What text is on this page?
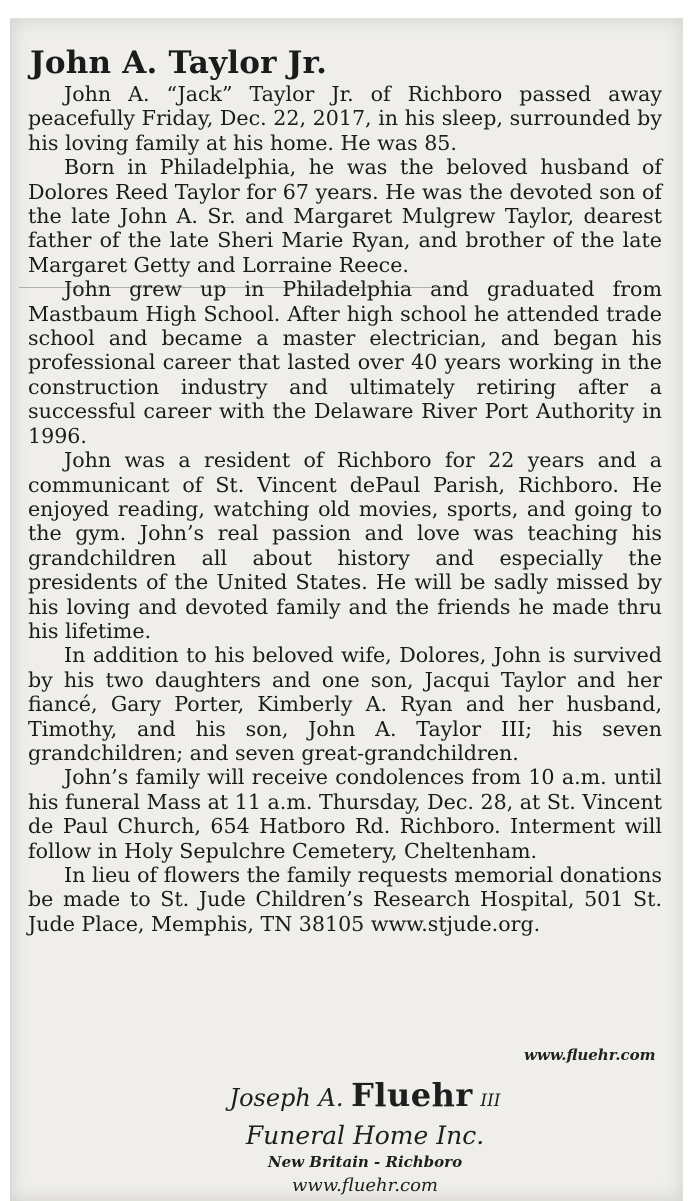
John A. Taylor Jr.

John A. “Jack” Taylor Jr. of Richboro passed away peacefully Friday, Dec. 22, 2017, in his sleep, surrounded by his loving family at his home. He was 85.

Born in Philadelphia, he was the beloved husband of Dolores Reed Taylor for 67 years. He was the devoted son of the late John A. Sr. and Margaret Mulgrew Taylor, dearest father of the late Sheri Marie Ryan, and brother of the late Margaret Getty and Lorraine Reece.

John grew up in Philadelphia and graduated from Mastbaum High School. After high school he attended trade school and became a master electrician, and began his professional career that lasted over 40 years working in the construction industry and ultimately retiring after a successful career with the Delaware River Port Authority in 1996.

John was a resident of Richboro for 22 years and a communicant of St. Vincent dePaul Parish, Richboro. He enjoyed reading, watching old movies, sports, and going to the gym. John’s real passion and love was teaching his grandchildren all about history and especially the presidents of the United States. He will be sadly missed by his loving and devoted family and the friends he made thru his lifetime.

In addition to his beloved wife, Dolores, John is survived by his two daughters and one son, Jacqui Taylor and her fiancé, Gary Porter, Kimberly A. Ryan and her husband, Timothy, and his son, John A. Taylor III; his seven grandchildren; and seven great-grandchildren.

John’s family will receive condolences from 10 a.m. until his funeral Mass at 11 a.m. Thursday, Dec. 28, at St. Vincent de Paul Church, 654 Hatboro Rd. Richboro. Interment will follow in Holy Sepulchre Cemetery, Cheltenham.

In lieu of flowers the family requests memorial donations be made to St. Jude Children’s Research Hospital, 501 St. Jude Place, Memphis, TN 38105 www.stjude.org.

www.fluehr.com
Joseph A. Fluehr III
Funeral Home Inc.
New Britain - Richboro
www.fluehr.com
